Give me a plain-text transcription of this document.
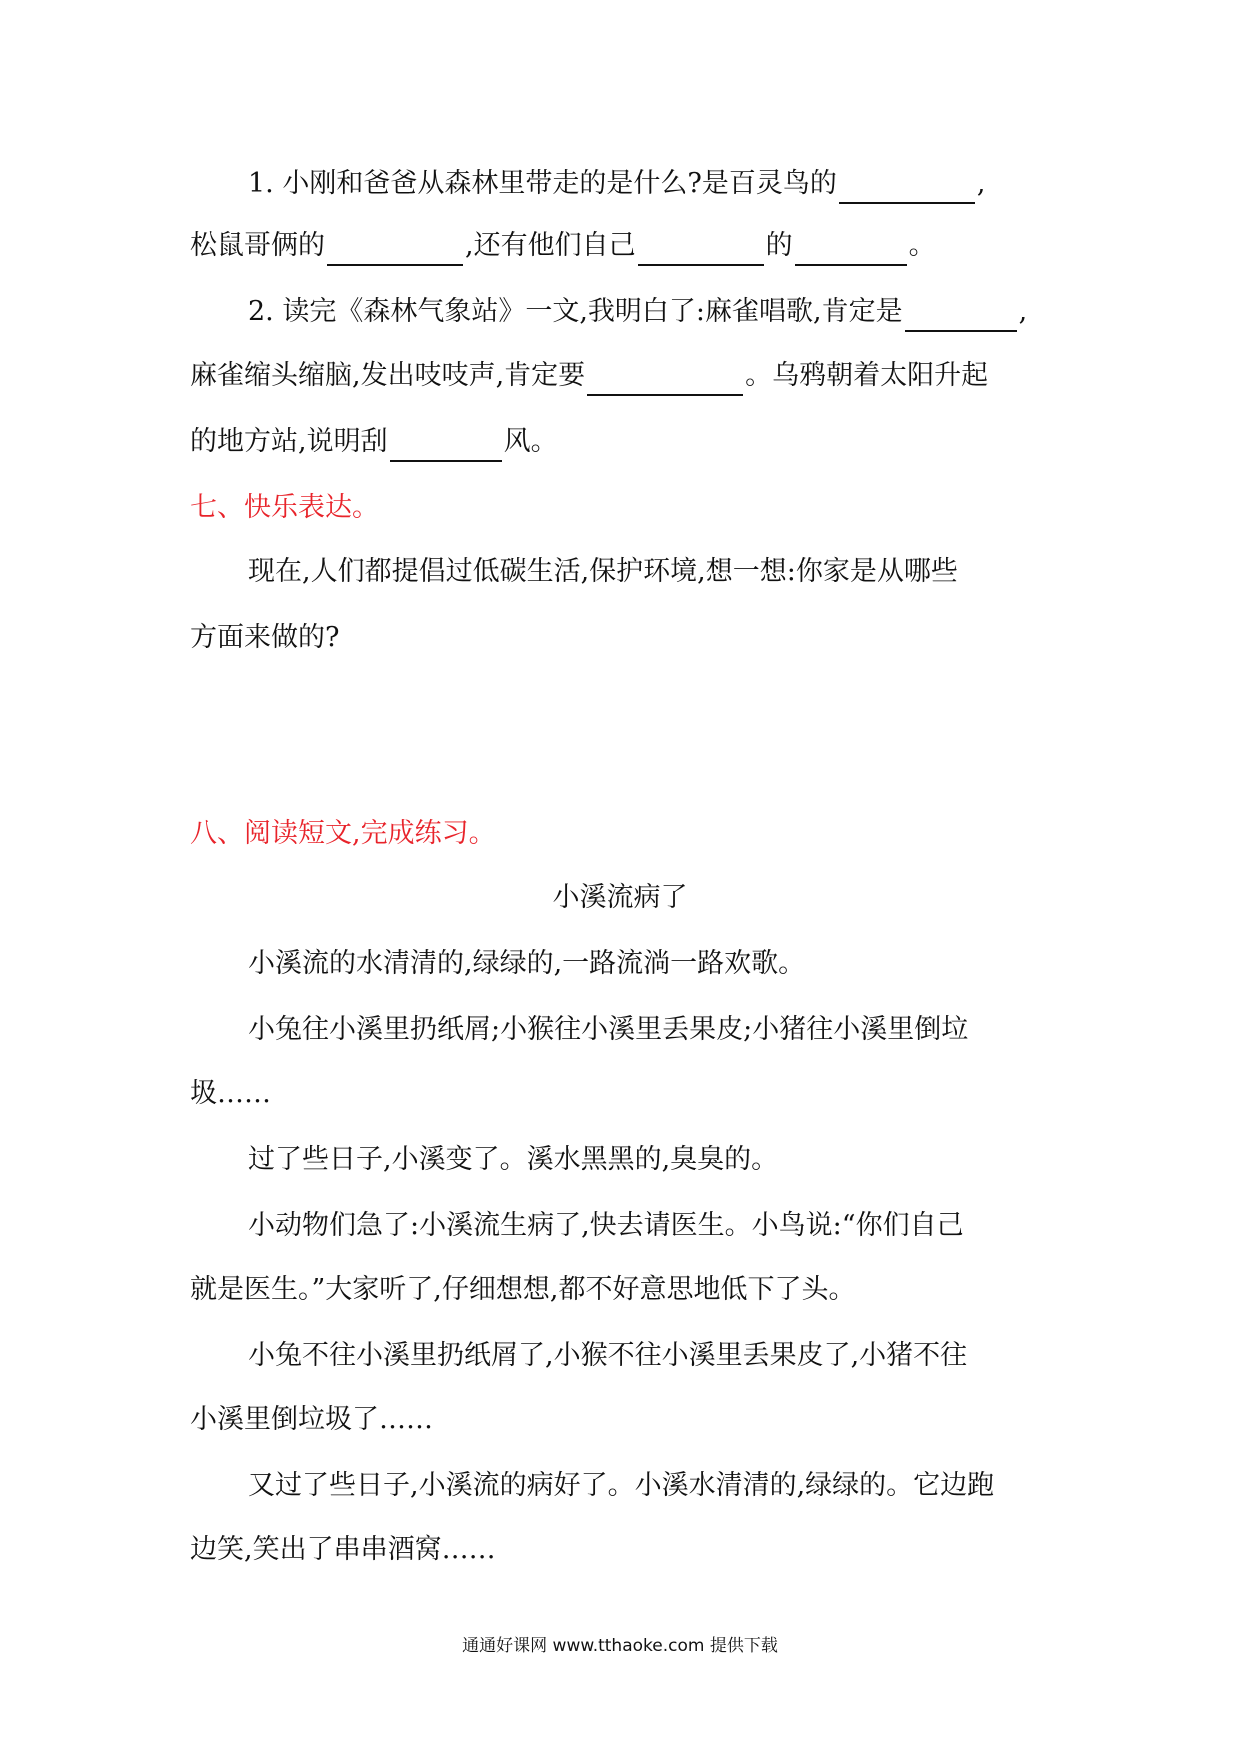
1. 小刚和爸爸从森林里带走的是什么?是百灵鸟的	,
松鼠哥俩的	,还有他们自己	的	。
2. 读完《森林气象站》一文,我明白了:麻雀唱歌,肯定是	,
麻雀缩头缩脑,发出吱吱声,肯定要	。乌鸦朝着太阳升起
的地方站,说明刮	风。
七、快乐表达。
现在,人们都提倡过低碳生活,保护环境,想一想:你家是从哪些
方面来做的?
八、阅读短文,完成练习。
小溪流病了
小溪流的水清清的,绿绿的,一路流淌一路欢歌。
小兔往小溪里扔纸屑;小猴往小溪里丢果皮;小猪往小溪里倒垃
圾……
过了些日子,小溪变了。溪水黑黑的,臭臭的。
小动物们急了:小溪流生病了,快去请医生。小鸟说:“你们自己
就是医生。”大家听了,仔细想想,都不好意思地低下了头。
小兔不往小溪里扔纸屑了,小猴不往小溪里丢果皮了,小猪不往
小溪里倒垃圾了……
又过了些日子,小溪流的病好了。小溪水清清的,绿绿的。它边跑
边笑,笑出了串串酒窝……
通通好课网 www.tthaoke.com 提供下载
